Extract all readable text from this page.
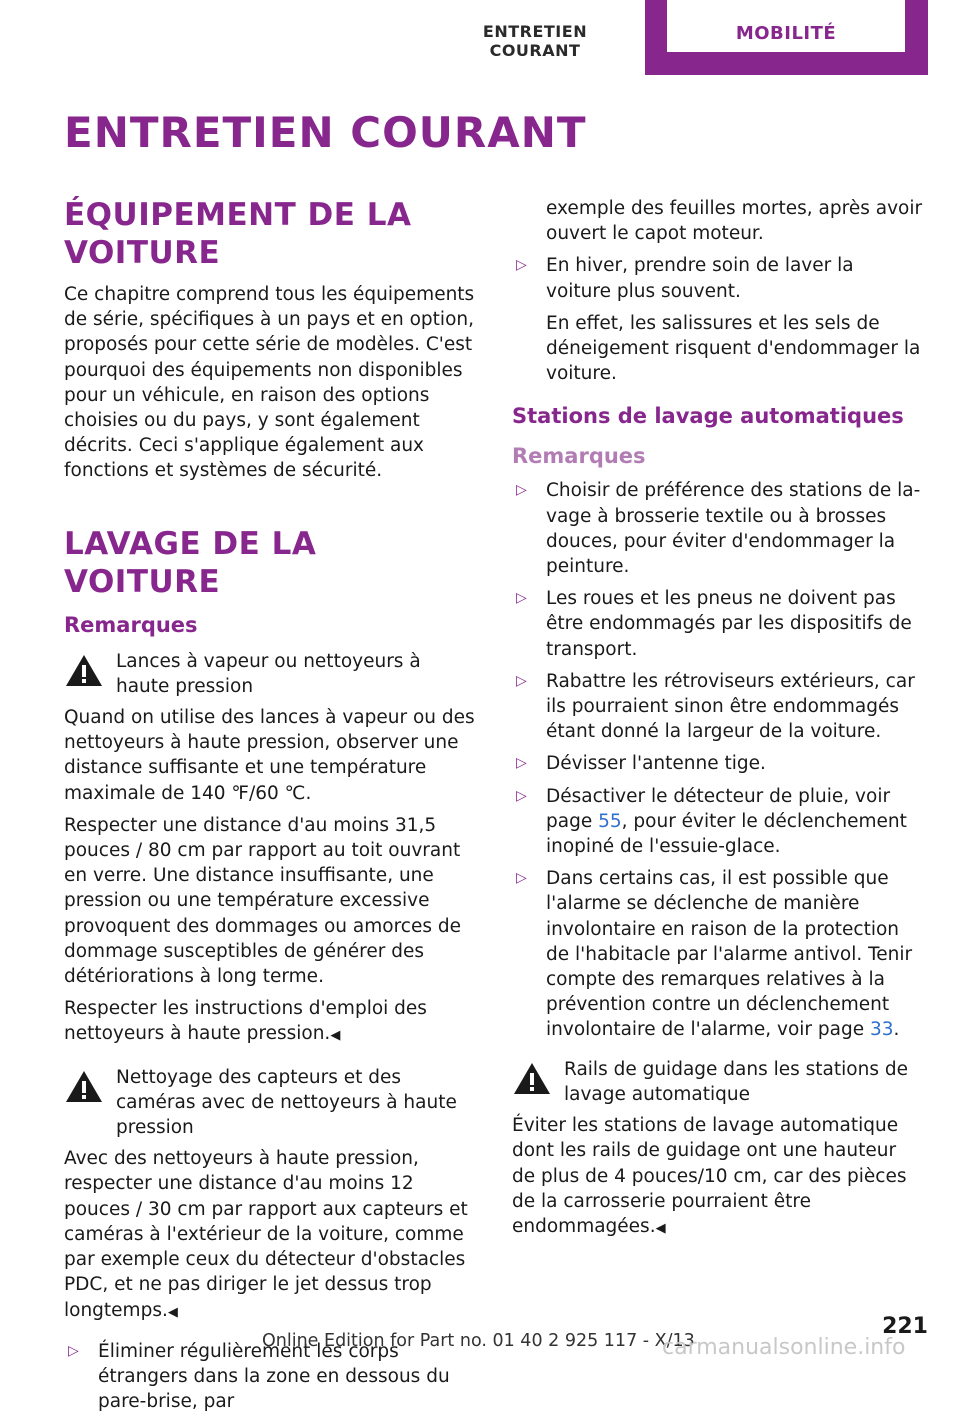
ENTRETIEN COURANT
MOBILITÉ
ENTRETIEN COURANT
ÉQUIPEMENT DE LA VOITURE

Ce chapitre comprend tous les équipements de série, spécifiques à un pays et en option, proposés pour cette série de modèles. C'est pourquoi des équipements non disponibles pour un véhicule, en raison des options choisies ou du pays, y sont également décrits. Ceci s'applique également aux fonctions et systèmes de sécurité.

LAVAGE DE LA VOITURE
Remarques
Lances à vapeur ou nettoyeurs à haute pression

Quand on utilise des lances à vapeur ou des nettoyeurs à haute pression, observer une distance suffisante et une température maximale de 140 ℉/60 ℃.

Respecter une distance d'au moins 31,5 pouces / 80 cm par rapport au toit ouvrant en verre. Une distance insuffisante, une pression ou une température excessive provoquent des dommages ou amorces de dommage susceptibles de générer des détériorations à long terme.

Respecter les instructions d'emploi des nettoyeurs à haute pression.◀

Nettoyage des capteurs et des caméras avec de nettoyeurs à haute pression

Avec des nettoyeurs à haute pression, respecter une distance d'au moins 12 pouces / 30 cm par rapport aux capteurs et caméras à l'extérieur de la voiture, comme par exemple ceux du détecteur d'obstacles PDC, et ne pas diriger le jet dessus trop longtemps.◀

▷ Éliminer régulièrement les corps étrangers dans la zone en dessous du pare-brise, par

exemple des feuilles mortes, après avoir ouvert le capot moteur.

▷ En hiver, prendre soin de laver la voiture plus souvent.

En effet, les salissures et les sels de déneigement risquent d'endommager la voiture.

Stations de lavage automatiques
Remarques
▷ Choisir de préférence des stations de lavage à brosserie textile ou à brosses douces, pour éviter d'endommager la peinture.
▷ Les roues et les pneus ne doivent pas être endommagés par les dispositifs de transport.
▷ Rabattre les rétroviseurs extérieurs, car ils pourraient sinon être endommagés étant donné la largeur de la voiture.
▷ Dévisser l'antenne tige.
▷ Désactiver le détecteur de pluie, voir page 55, pour éviter le déclenchement inopiné de l'essuie-glace.
▷ Dans certains cas, il est possible que l'alarme se déclenche de manière involontaire en raison de la protection de l'habitacle par l'alarme antivol. Tenir compte des remarques relatives à la prévention contre un déclenchement involontaire de l'alarme, voir page 33.
Rails de guidage dans les stations de lavage automatique

Éviter les stations de lavage automatique dont les rails de guidage ont une hauteur de plus de 4 pouces/10 cm, car des pièces de la carrosserie pourraient être endommagées.◀

221
Online Edition for Part no. 01 40 2 925 117 - X/13
carmanualsonline.info
